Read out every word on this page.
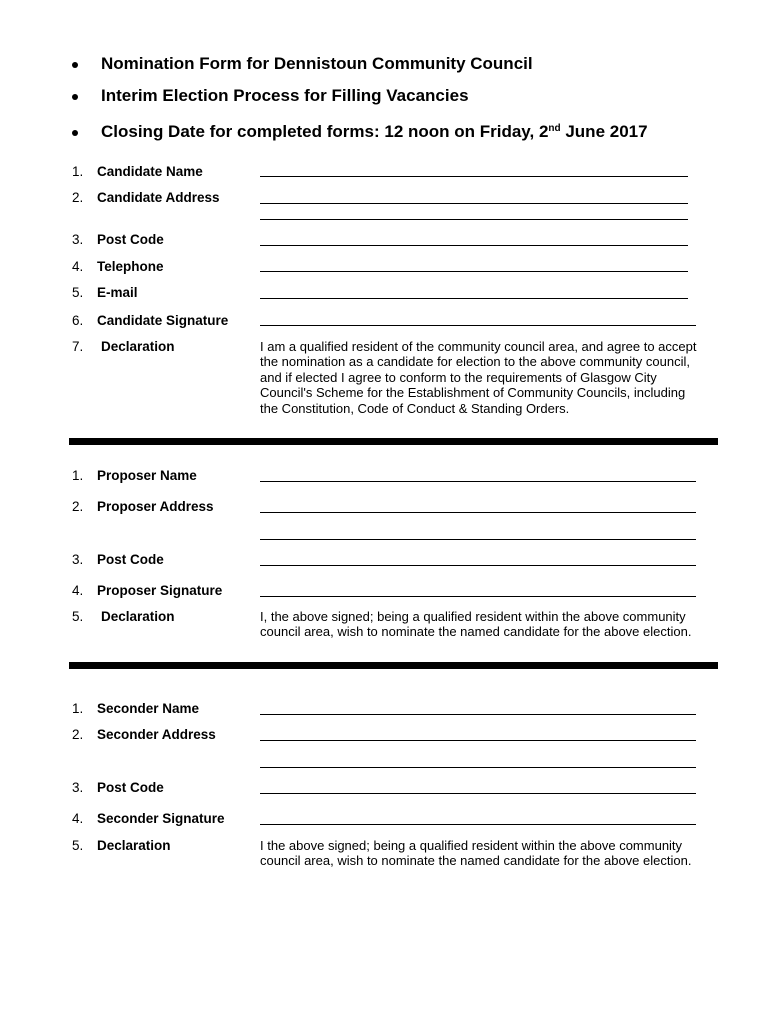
Nomination Form for Dennistoun Community Council
Interim Election Process for Filling Vacancies
Closing Date for completed forms: 12 noon on Friday, 2nd June 2017
1. Candidate Name
2. Candidate Address
3. Post Code
4. Telephone
5. E-mail
6. Candidate Signature
7. Declaration	I am a qualified resident of the community council area, and agree to accept the nomination as a candidate for election to the above community council, and if elected I agree to conform to the requirements of Glasgow City Council's Scheme for the Establishment of Community Councils, including the Constitution, Code of Conduct & Standing Orders.
1. Proposer Name
2. Proposer Address
3. Post Code
4. Proposer Signature
5. Declaration	I, the above signed; being a qualified resident within the above community council area, wish to nominate the named candidate for the above election.
1. Seconder Name
2. Seconder Address
3. Post Code
4. Seconder Signature
5. Declaration	I the above signed; being a qualified resident within the above community council area, wish to nominate the named candidate for the above election.
